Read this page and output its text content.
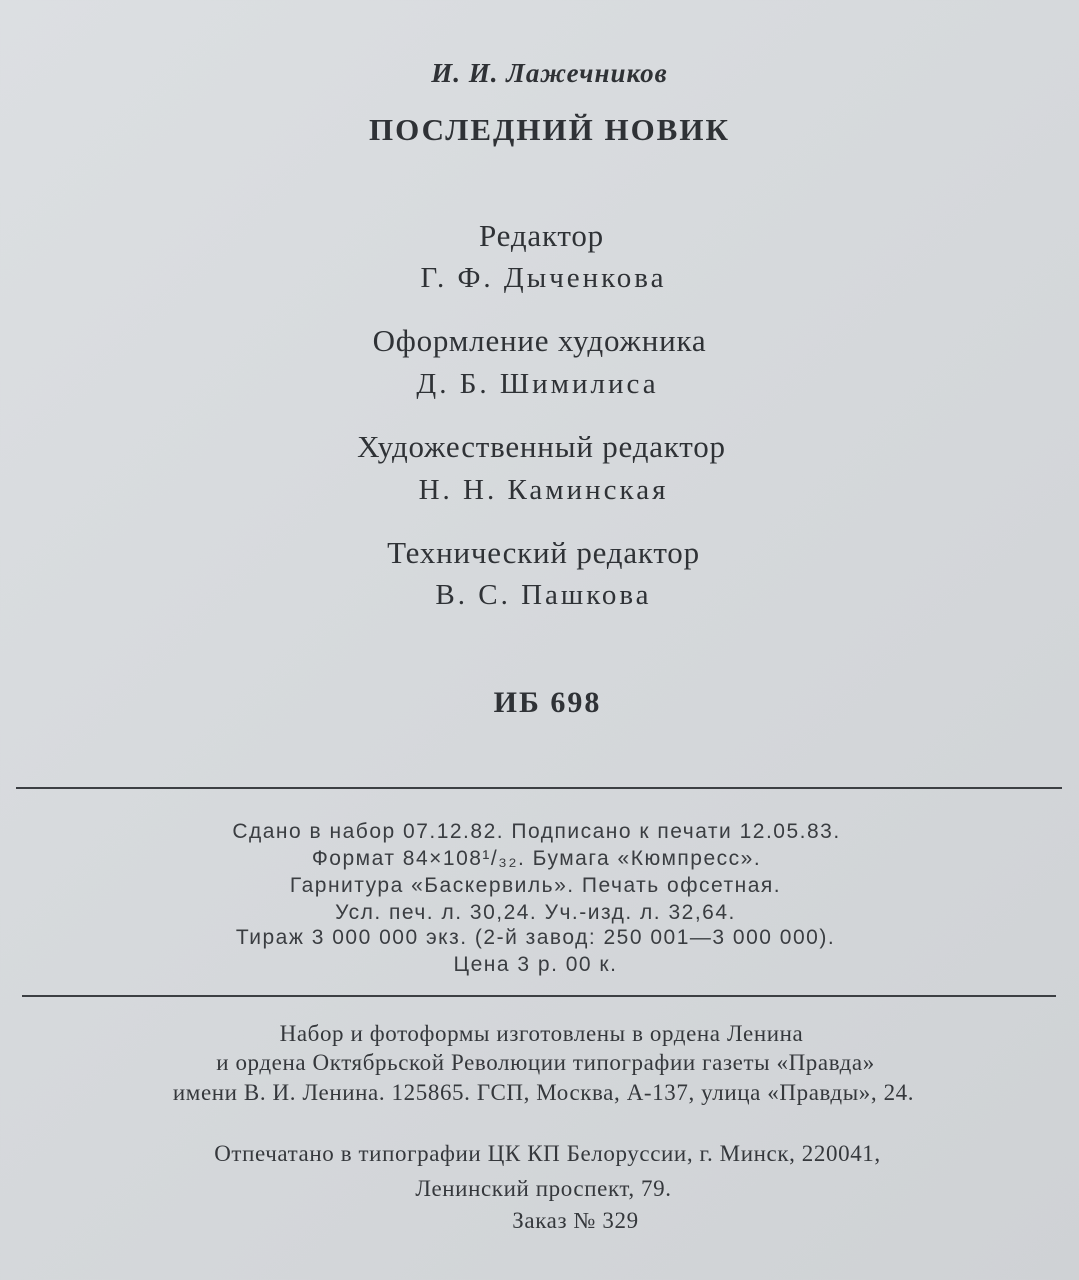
И. И. Лажечников
ПОСЛЕДНИЙ НОВИК
Редактор
Г. Ф. Дыченкова
Оформление художника
Д. Б. Шимилиса
Художественный редактор
Н. Н. Каминская
Технический редактор
В. С. Пашкова
ИБ 698
Сдано в набор 07.12.82. Подписано к печати 12.05.83.
Формат 84×108¹/₃₂. Бумага «Кюмпресс».
Гарнитура «Баскервиль». Печать офсетная.
Усл. печ. л. 30,24. Уч.-изд. л. 32,64.
Тираж 3 000 000 экз. (2-й завод: 250 001—3 000 000).
Цена 3 р. 00 к.
Набор и фотоформы изготовлены в ордена Ленина
и ордена Октябрьской Революции типографии газеты «Правда»
имени В. И. Ленина. 125865. ГСП, Москва, А-137, улица «Правды», 24.
Отпечатано в типографии ЦК КП Белоруссии, г. Минск, 220041,
Ленинский проспект, 79.
Заказ № 329
